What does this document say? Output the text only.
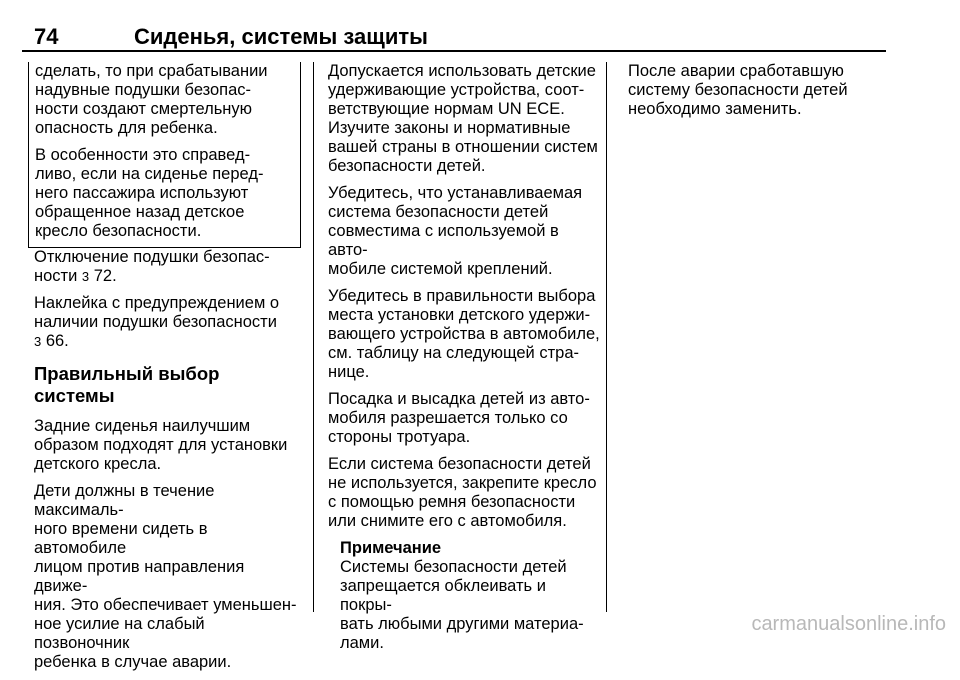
74	Сиденья, системы защиты

сделать, то при срабатывании
надувные подушки безопас-
ности создают смертельную
опасность для ребенка.

В особенности это справед-
ливо, если на сиденье перед-
него пассажира используют
обращенное назад детское
кресло безопасности.

Отключение подушки безопас-
ности 3 72.

Наклейка с предупреждением о
наличии подушки безопасности
3 66.

Правильный выбор системы

Задние сиденья наилучшим
образом подходят для установки
детского кресла.

Дети должны в течение максималь-
ного времени сидеть в автомобиле
лицом против направления движе-
ния. Это обеспечивает уменьшен-
ное усилие на слабый позвоночник
ребенка в случае аварии.

Допускается использовать детские
удерживающие устройства, соот-
ветствующие нормам UN ECE.
Изучите законы и нормативные
вашей страны в отношении систем
безопасности детей.

Убедитесь, что устанавливаемая
система безопасности детей
совместима с используемой в авто-
мобиле системой креплений.

Убедитесь в правильности выбора
места установки детского удержи-
вающего устройства в автомобиле,
см. таблицу на следующей стра-
нице.

Посадка и высадка детей из авто-
мобиля разрешается только со
стороны тротуара.

Если система безопасности детей
не используется, закрепите кресло
с помощью ремня безопасности
или снимите его с автомобиля.

Примечание

Системы безопасности детей
запрещается обклеивать и покры-
вать любыми другими материа-
лами.

После аварии сработавшую
систему безопасности детей
необходимо заменить.

carmanualsonline.info
